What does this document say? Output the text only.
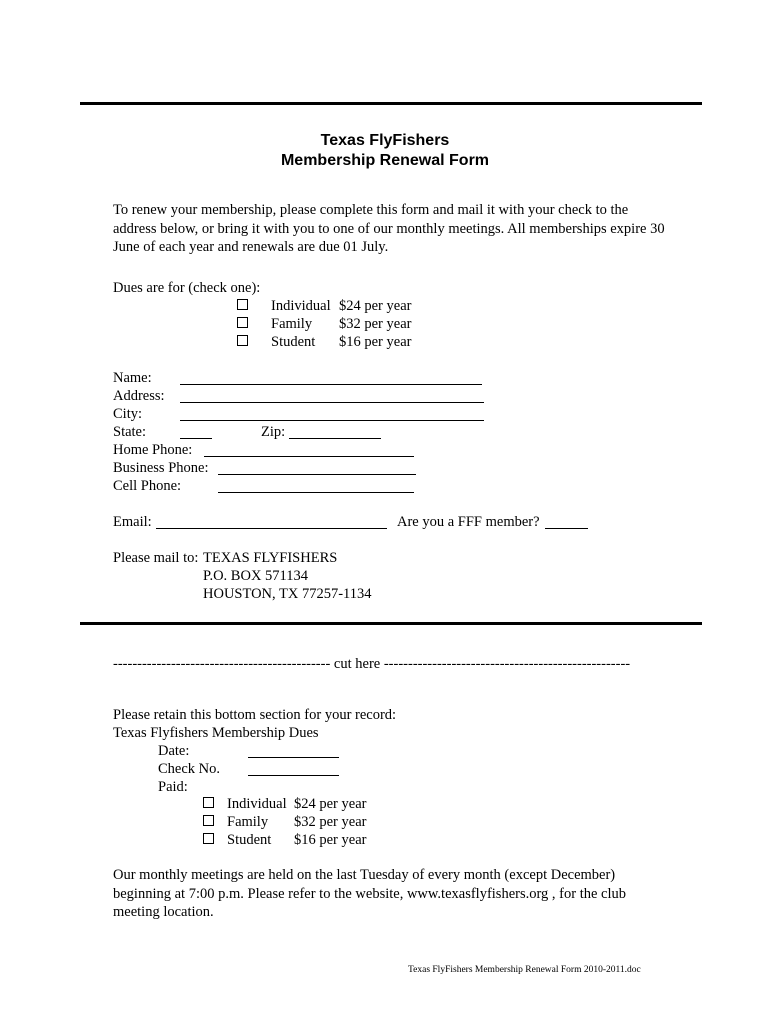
Texas FlyFishers
Membership Renewal Form
To renew your membership, please complete this form and mail it with your check to the address below, or bring it with you to one of our monthly meetings. All memberships expire 30 June of each year and renewals are due 01 July.
Dues are for (check one):
Individual $24 per year
Family $32 per year
Student $16 per year
Name:
Address:
City:
State:	Zip:
Home Phone:
Business Phone:
Cell Phone:
Email:	Are you a FFF member?
Please mail to: TEXAS FLYFISHERS
P.O. BOX 571134
HOUSTON, TX 77257-1134
--------------------------------------------- cut here ---------------------------------------------------
Please retain this bottom section for your record:
Texas Flyfishers Membership Dues
Date:
Check No.
Paid:
Individual $24 per year
Family $32 per year
Student $16 per year
Our monthly meetings are held on the last Tuesday of every month (except December) beginning at 7:00 p.m. Please refer to the website, www.texasflyfishers.org , for the club meeting location.
Texas FlyFishers Membership Renewal Form 2010-2011.doc
